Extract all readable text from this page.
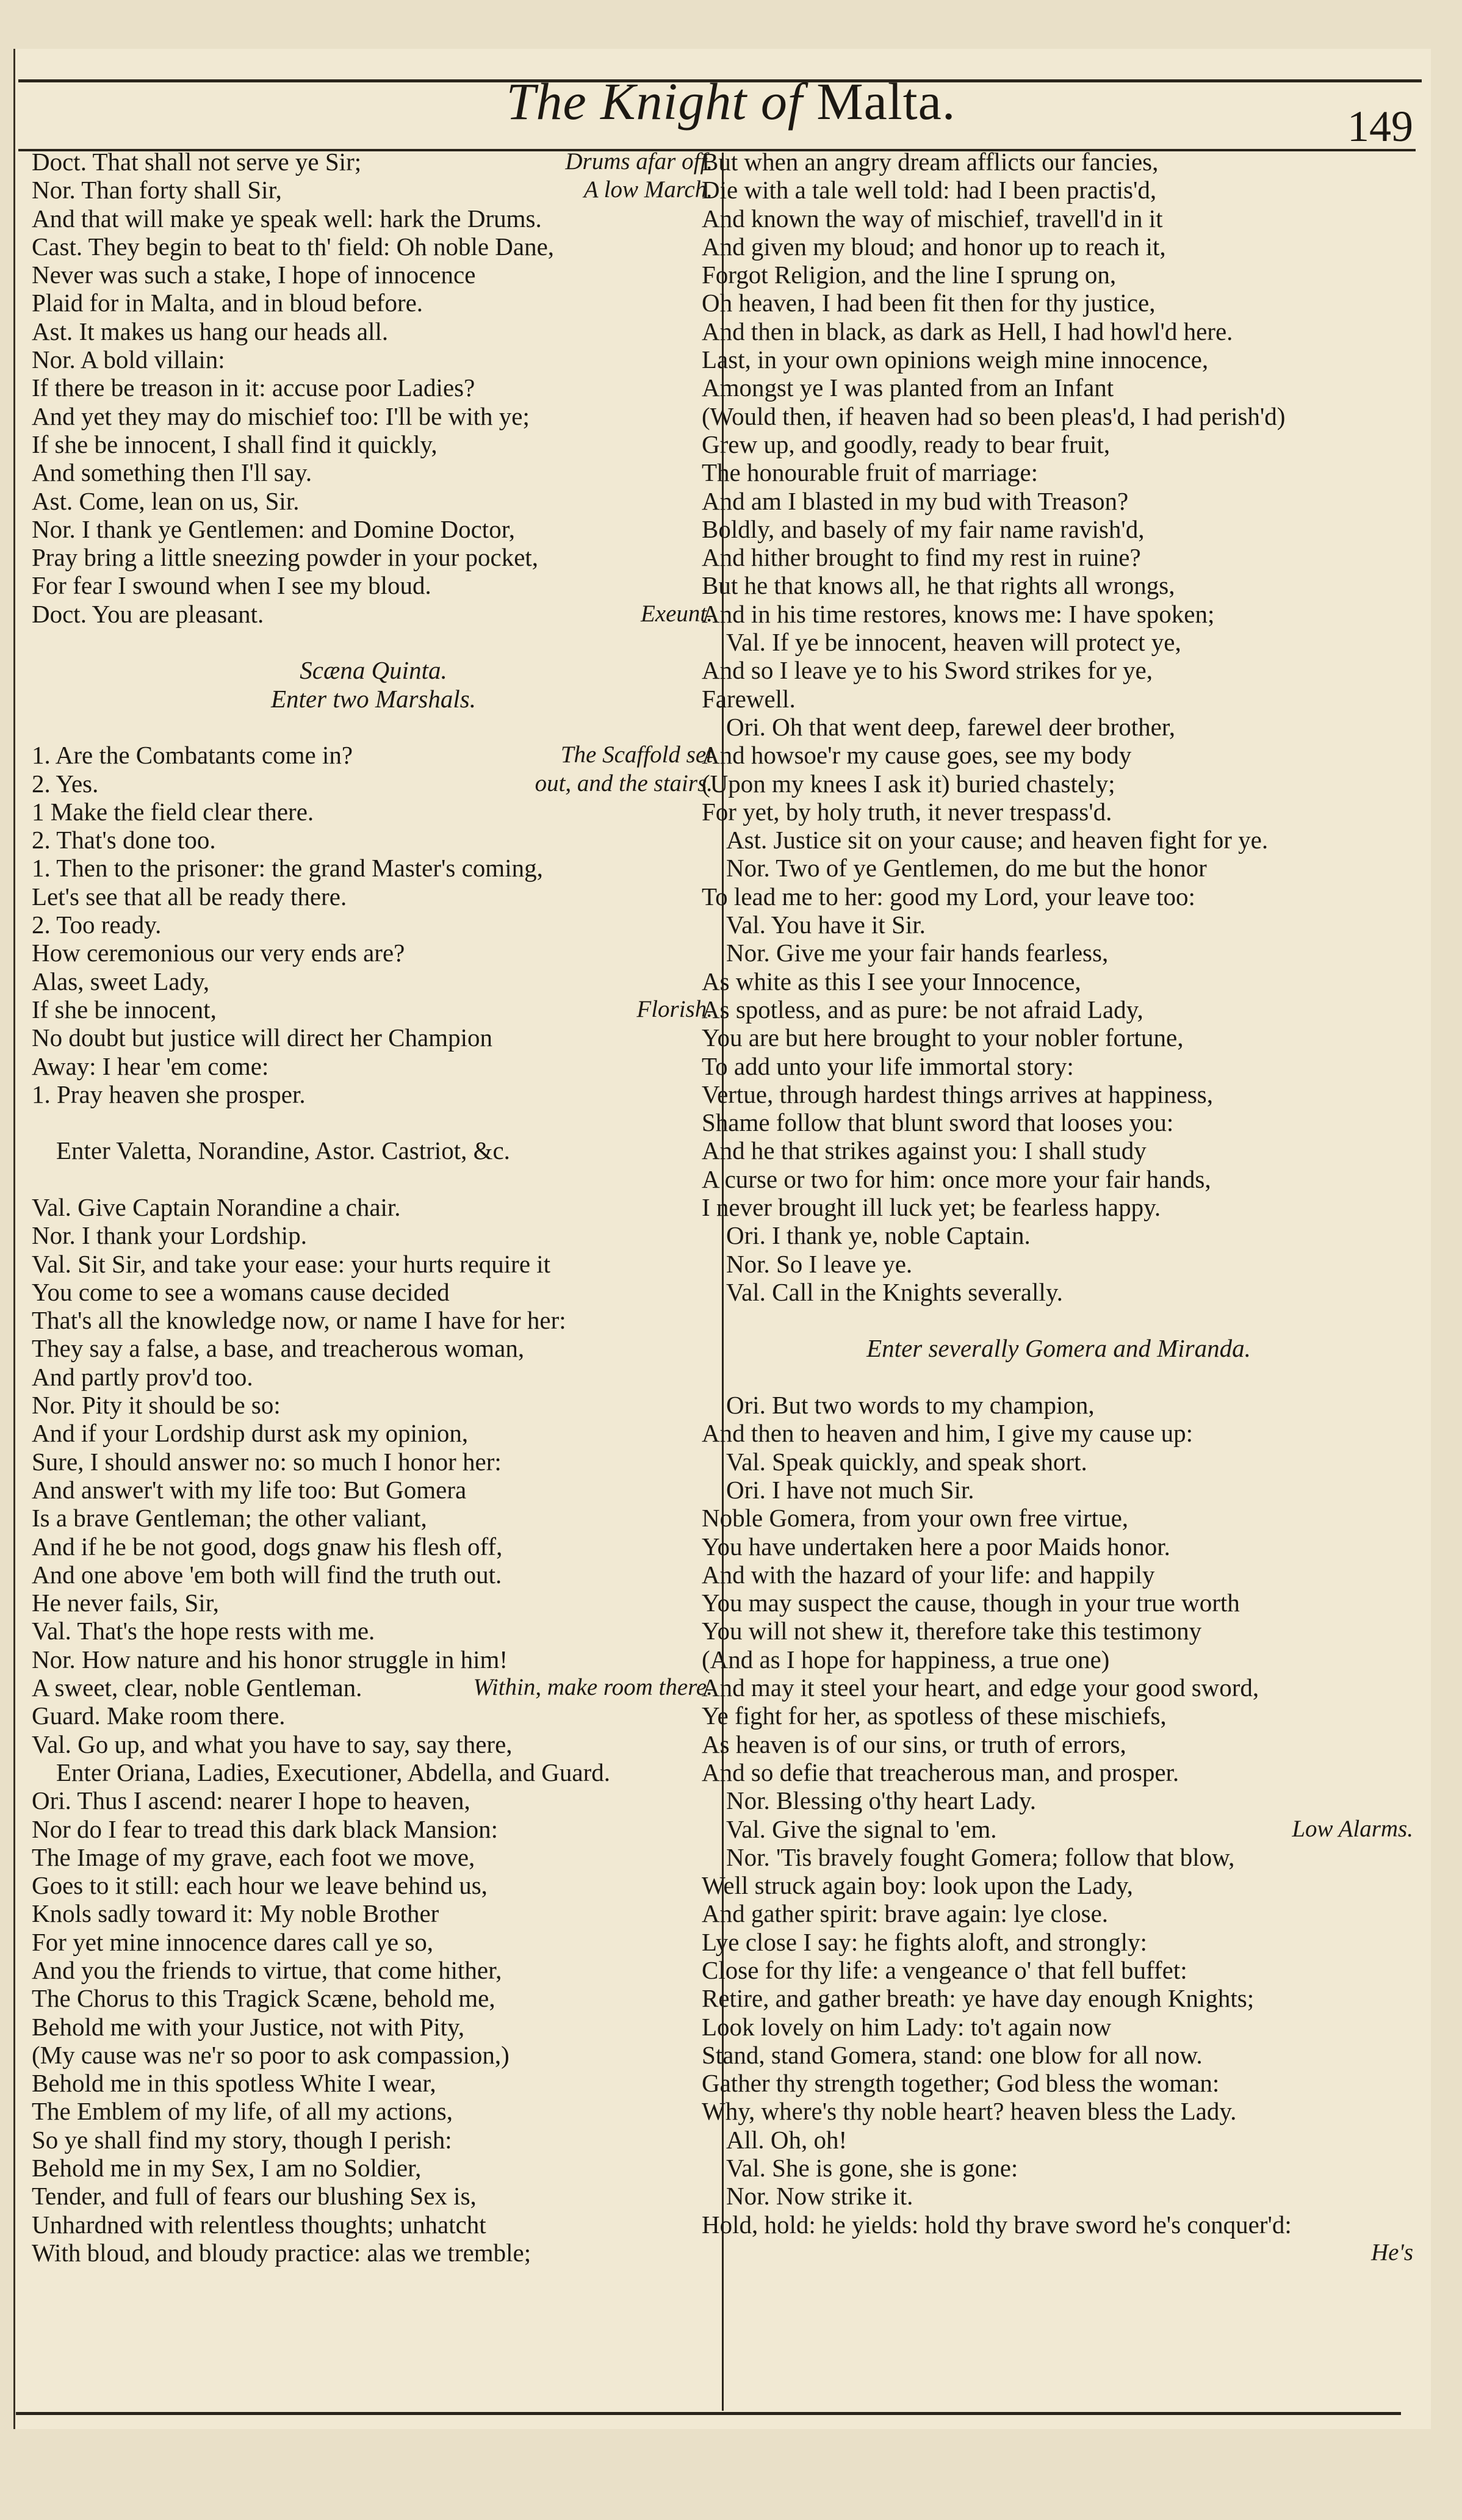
The Knight of Malta.	149
Doct. That shall not serve ye Sir;	Drums afar off.
Nor. Than forty shall Sir,	A low March.
And that will make ye speak well: hark the Drums.
Cast. They begin to beat to th' field: Oh noble Dane,
Never was such a stake, I hope of innocence
Plaid for in Malta, and in bloud before.
Ast. It makes us hang our heads all.
Nor. A bold villain:
If there be treason in it: accuse poor Ladies?
And yet they may do mischief too: I'll be with ye;
If she be innocent, I shall find it quickly,
And something then I'll say.
Ast. Come, lean on us, Sir.
Nor. I thank ye Gentlemen: and Domine Doctor,
Pray bring a little sneezing powder in your pocket,
For fear I swound when I see my bloud.
Doct. You are pleasant.	Exeunt.
Scæna Quinta.
Enter two Marshals.
1. Are the Combatants come in?	The Scaffold set
2. Yes.	out, and the stairs.
1 Make the field clear there.
2. That's done too.
1. Then to the prisoner: the grand Master's coming,
Let's see that all be ready there.
2. Too ready.
How ceremonious our very ends are?
Alas, sweet Lady,
If she be innocent,	Florish.
No doubt but justice will direct her Champion
Away: I hear 'em come:
1. Pray heaven she prosper.
Enter Valetta, Norandine, Astor. Castriot, &c.
Val. Give Captain Norandine a chair.
Nor. I thank your Lordship.
Val. Sit Sir, and take your ease: your hurts require it
You come to see a womans cause decided
That's all the knowledge now, or name I have for her:
They say a false, a base, and treacherous woman,
And partly prov'd too.
Nor. Pity it should be so:
And if your Lordship durst ask my opinion,
Sure, I should answer no: so much I honor her:
And answer't with my life too: But Gomera
Is a brave Gentleman; the other valiant,
And if he be not good, dogs gnaw his flesh off,
And one above 'em both will find the truth out.
He never fails, Sir,
Val. That's the hope rests with me.
Nor. How nature and his honor struggle in him!
A sweet, clear, noble Gentleman.	Within, make room there.
Guard. Make room there.
Val. Go up, and what you have to say, say there,
Enter Oriana, Ladies, Executioner, Abdella, and Guard.
Ori. Thus I ascend: nearer I hope to heaven,
Nor do I fear to tread this dark black Mansion:
The Image of my grave, each foot we move,
Goes to it still: each hour we leave behind us,
Knols sadly toward it: My noble Brother
For yet mine innocence dares call ye so,
And you the friends to virtue, that come hither,
The Chorus to this Tragick Scæne, behold me,
Behold me with your Justice, not with Pity,
(My cause was ne'r so poor to ask compassion,)
Behold me in this spotless White I wear,
The Emblem of my life, of all my actions,
So ye shall find my story, though I perish:
Behold me in my Sex, I am no Soldier,
Tender, and full of fears our blushing Sex is,
Unhardned with relentless thoughts; unhatcht
With bloud, and bloudy practice: alas we tremble;
But when an angry dream afflicts our fancies,
Die with a tale well told: had I been practis'd,
And known the way of mischief, travell'd in it
And given my bloud; and honor up to reach it,
Forgot Religion, and the line I sprung on,
Oh heaven, I had been fit then for thy justice,
And then in black, as dark as Hell, I had howl'd here.
Last, in your own opinions weigh mine innocence,
Amongst ye I was planted from an Infant
(Would then, if heaven had so been pleas'd, I had perish'd)
Grew up, and goodly, ready to bear fruit,
The honourable fruit of marriage:
And am I blasted in my bud with Treason?
Boldly, and basely of my fair name ravish'd,
And hither brought to find my rest in ruine?
But he that knows all, he that rights all wrongs,
And in his time restores, knows me: I have spoken;
Val. If ye be innocent, heaven will protect ye,
And so I leave ye to his Sword strikes for ye,
Farewell.
Ori. Oh that went deep, farewel deer brother,
And howsoe'r my cause goes, see my body
(Upon my knees I ask it) buried chastely;
For yet, by holy truth, it never trespass'd.
Ast. Justice sit on your cause; and heaven fight for ye.
Nor. Two of ye Gentlemen, do me but the honor
To lead me to her: good my Lord, your leave too:
Val. You have it Sir.
Nor. Give me your fair hands fearless,
As white as this I see your Innocence,
As spotless, and as pure: be not afraid Lady,
You are but here brought to your nobler fortune,
To add unto your life immortal story:
Vertue, through hardest things arrives at happiness,
Shame follow that blunt sword that looses you:
And he that strikes against you: I shall study
A curse or two for him: once more your fair hands,
I never brought ill luck yet; be fearless happy.
Ori. I thank ye, noble Captain.
Nor. So I leave ye.
Val. Call in the Knights severally.
Enter severally Gomera and Miranda.
Ori. But two words to my champion,
And then to heaven and him, I give my cause up:
Val. Speak quickly, and speak short.
Ori. I have not much Sir.
Noble Gomera, from your own free virtue,
You have undertaken here a poor Maids honor.
And with the hazard of your life: and happily
You may suspect the cause, though in your true worth
You will not shew it, therefore take this testimony
(And as I hope for happiness, a true one)
And may it steel your heart, and edge your good sword,
Ye fight for her, as spotless of these mischiefs,
As heaven is of our sins, or truth of errors,
And so defie that treacherous man, and prosper.
Nor. Blessing o'thy heart Lady.
Val. Give the signal to 'em.	Low Alarms.
Nor. 'Tis bravely fought Gomera; follow that blow,
Well struck again boy: look upon the Lady,
And gather spirit: brave again: lye close.
Lye close I say: he fights aloft, and strongly:
Close for thy life: a vengeance o' that fell buffet:
Retire, and gather breath: ye have day enough Knights;
Look lovely on him Lady: to't again now
Stand, stand Gomera, stand: one blow for all now.
Gather thy strength together; God bless the woman:
Why, where's thy noble heart? heaven bless the Lady.
All. Oh, oh!
Val. She is gone, she is gone:
Nor. Now strike it.
Hold, hold: he yields: hold thy brave sword he's conquer'd:
He's
